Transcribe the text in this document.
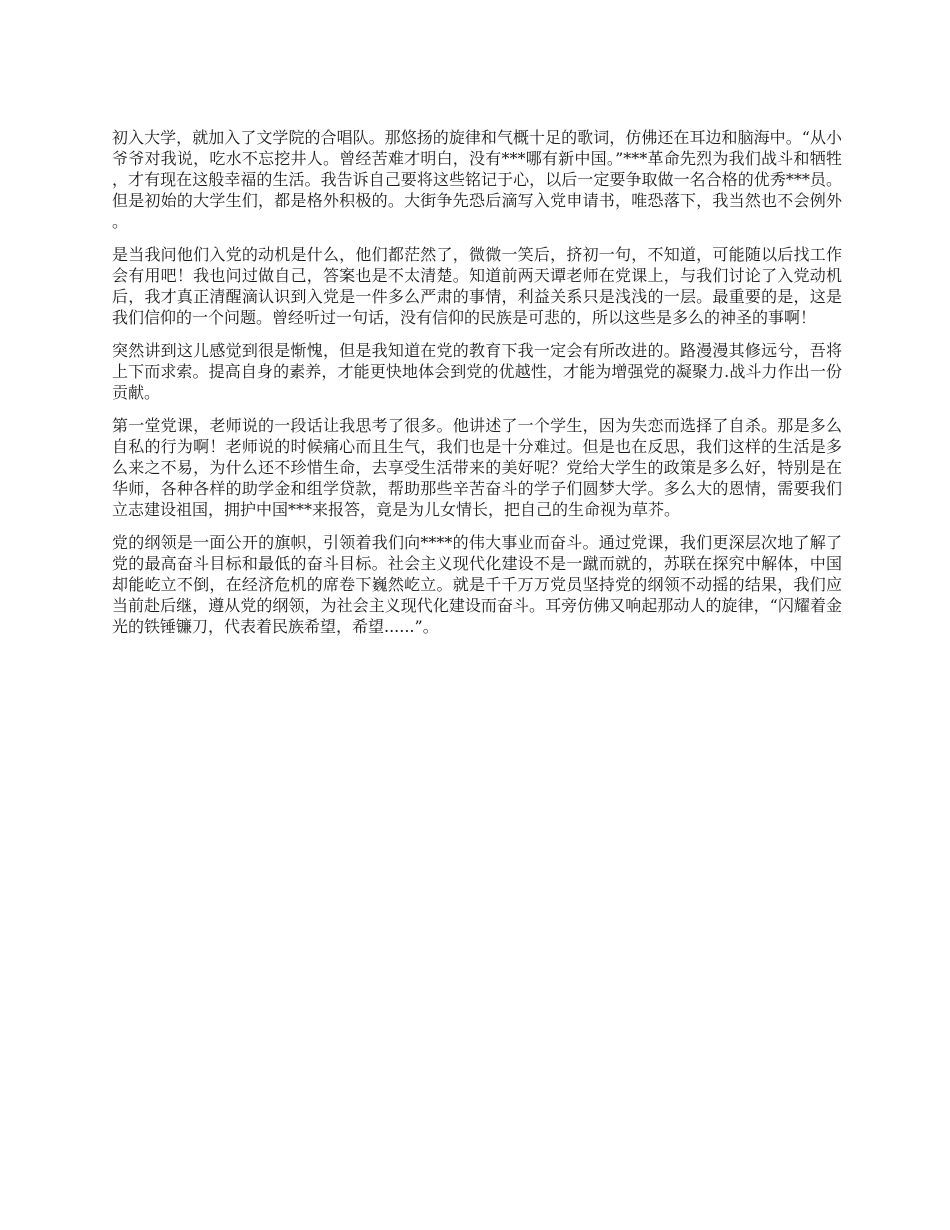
初入大学，就加入了文学院的合唱队。那悠扬的旋律和气概十足的歌词，仿佛还在耳边和脑海中。“从小爷爷对我说，吃水不忘挖井人。曾经苦难才明白，没有***哪有新中国。”***革命先烈为我们战斗和牺牲，才有现在这般幸福的生活。我告诉自己要将这些铭记于心，以后一定要争取做一名合格的优秀***员。但是初始的大学生们，都是格外积极的。大街争先恐后滴写入党申请书，唯恐落下，我当然也不会例外。

是当我问他们入党的动机是什么，他们都茫然了，微微一笑后，挤初一句，不知道，可能随以后找工作会有用吧！我也问过做自己，答案也是不太清楚。知道前两天谭老师在党课上，与我们讨论了入党动机后，我才真正清醒滴认识到入党是一件多么严肃的事情，利益关系只是浅浅的一层。最重要的是，这是我们信仰的一个问题。曾经听过一句话，没有信仰的民族是可悲的，所以这些是多么的神圣的事啊！

突然讲到这儿感觉到很是惭愧，但是我知道在党的教育下我一定会有所改进的。路漫漫其修远兮，吾将上下而求索。提高自身的素养，才能更快地体会到党的优越性，才能为增强党的凝聚力.战斗力作出一份贡献。

第一堂党课，老师说的一段话让我思考了很多。他讲述了一个学生，因为失恋而选择了自杀。那是多么自私的行为啊！老师说的时候痛心而且生气，我们也是十分难过。但是也在反思，我们这样的生活是多么来之不易，为什么还不珍惜生命，去享受生活带来的美好呢？党给大学生的政策是多么好，特别是在华师，各种各样的助学金和组学贷款，帮助那些辛苦奋斗的学子们圆梦大学。多么大的恩情，需要我们立志建设祖国，拥护中国***来报答，竟是为儿女情长，把自己的生命视为草芥。

党的纲领是一面公开的旗帜，引领着我们向****的伟大事业而奋斗。通过党课，我们更深层次地了解了党的最高奋斗目标和最低的奋斗目标。社会主义现代化建设不是一蹴而就的，苏联在探究中解体，中国却能屹立不倒，在经济危机的席卷下巍然屹立。就是千千万万党员坚持党的纲领不动摇的结果，我们应当前赴后继，遵从党的纲领，为社会主义现代化建设而奋斗。耳旁仿佛又响起那动人的旋律，“闪耀着金光的铁锤镰刀，代表着民族希望，希望......”。
